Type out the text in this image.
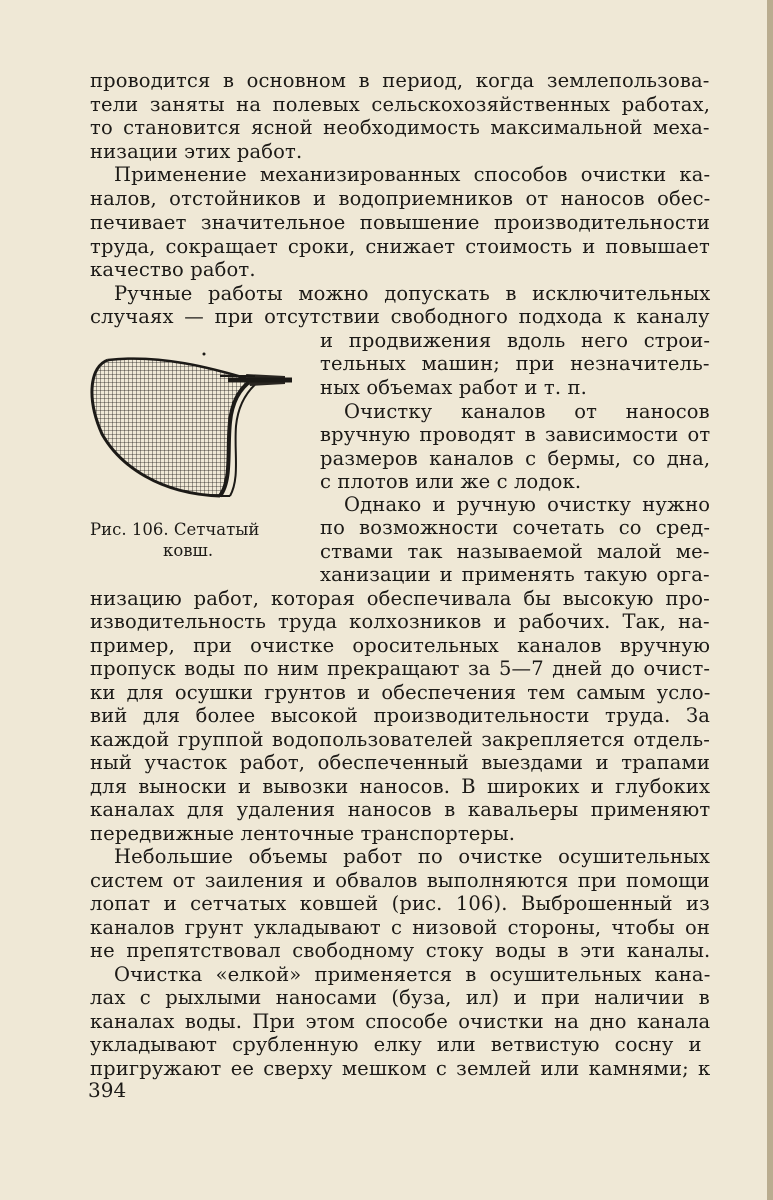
проводится в основном в период, когда землепользова-
тели заняты на полевых сельскохозяйственных работах,
то становится ясной необходимость максимальной меха-
низации этих работ.
Применение механизированных способов очистки ка-
налов, отстойников и водоприемников от наносов обес-
печивает значительное повышение производительности
труда, сокращает сроки, снижает стоимость и повышает
качество работ.
Ручные работы можно допускать в исключительных
случаях — при отсутствии свободного подхода к каналу
и продвижения вдоль него строи-
тельных машин; при незначитель-
ных объемах работ и т. п.
Очистку каналов от наносов
вручную проводят в зависимости от
размеров каналов с бермы, со дна,
с плотов или же с лодок.
Однако и ручную очистку нужно
по возможности сочетать со сред-
ствами так называемой малой ме-
ханизации и применять такую орга-
низацию работ, которая обеспечивала бы высокую про-
изводительность труда колхозников и рабочих. Так, на-
пример, при очистке оросительных каналов вручную
пропуск воды по ним прекращают за 5—7 дней до очист-
ки для осушки грунтов и обеспечения тем самым усло-
вий для более высокой производительности труда. За
каждой группой водопользователей закрепляется отдель-
ный участок работ, обеспеченный выездами и трапами
для выноски и вывозки наносов. В широких и глубоких
каналах для удаления наносов в кавальеры применяют
передвижные ленточные транспортеры.
Небольшие объемы работ по очистке осушительных
систем от заиления и обвалов выполняются при помощи
лопат и сетчатых ковшей (рис. 106). Выброшенный из
каналов грунт укладывают с низовой стороны, чтобы он
не препятствовал свободному стоку воды в эти каналы.
Очистка «елкой» применяется в осушительных кана-
лах с рыхлыми наносами (буза, ил) и при наличии в
каналах воды. При этом способе очистки на дно канала
укладывают срубленную елку или ветвистую сосну и
пригружают ее сверху мешком с землей или камнями; к
Рис. 106. Сетчатый
ковш.
394
